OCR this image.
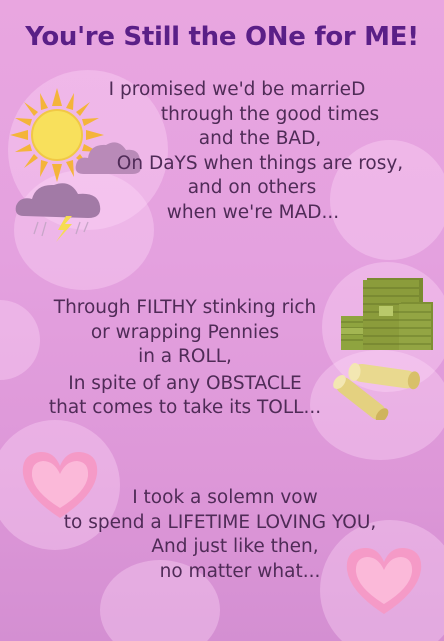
You're Still the ONe for ME!
I promised we'd be marrieD
through the good times
and the BAD,
On DaYS when things are rosy,
and on others
when we're MAD...
Through FILTHY stinking rich
or wrapping Pennies
in a ROLL,
In spite of any OBSTACLE
that comes to take its TOLL...
I took a solemn vow
to spend a LIFETIME LOVING YOU,
And just like then,
no matter what...
